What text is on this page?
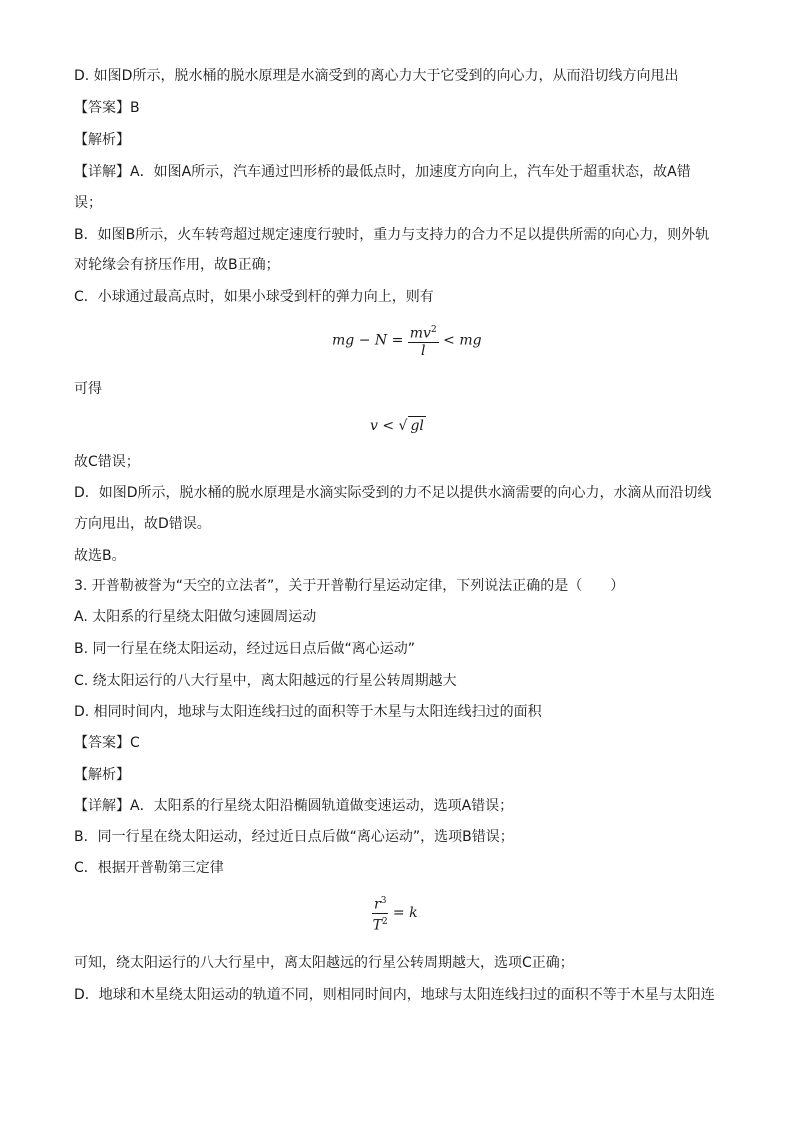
D. 如图D所示，脱水桶的脱水原理是水滴受到的离心力大于它受到的向心力，从而沿切线方向甩出
【答案】B
【解析】
【详解】A．如图A所示，汽车通过凹形桥的最低点时，加速度方向向上，汽车处于超重状态，故A错
误；
B．如图B所示，火车转弯超过规定速度行驶时，重力与支持力的合力不足以提供所需的向心力，则外轨
对轮缘会有挤压作用，故B正确；
C．小球通过最高点时，如果小球受到杆的弹力向上，则有
mg − $N = \frac{mv^2}{l}$ < mg
可得
v < √ gl
故C错误；
D．如图D所示，脱水桶的脱水原理是水滴实际受到的力不足以提供水滴需要的向心力，水滴从而沿切线
方向甩出，故D错误。
故选B。
3. 开普勒被誉为“天空的立法者”，关于开普勒行星运动定律，下列说法正确的是（　　）
A. 太阳系的行星绕太阳做匀速圆周运动
B. 同一行星在绕太阳运动，经过远日点后做“离心运动”
C. 绕太阳运行的八大行星中，离太阳越远的行星公转周期越大
D. 相同时间内，地球与太阳连线扫过的面积等于木星与太阳连线扫过的面积
【答案】C
【解析】
【详解】A．太阳系的行星绕太阳沿椭圆轨道做变速运动，选项A错误；
B．同一行星在绕太阳运动，经过近日点后做“离心运动”，选项B错误；
C．根据开普勒第三定律
$\frac{r^3}{T^2} = k$
可知，绕太阳运行的八大行星中，离太阳越远的行星公转周期越大，选项C正确；
D．地球和木星绕太阳运动的轨道不同，则相同时间内，地球与太阳连线扫过的面积不等于木星与太阳连
